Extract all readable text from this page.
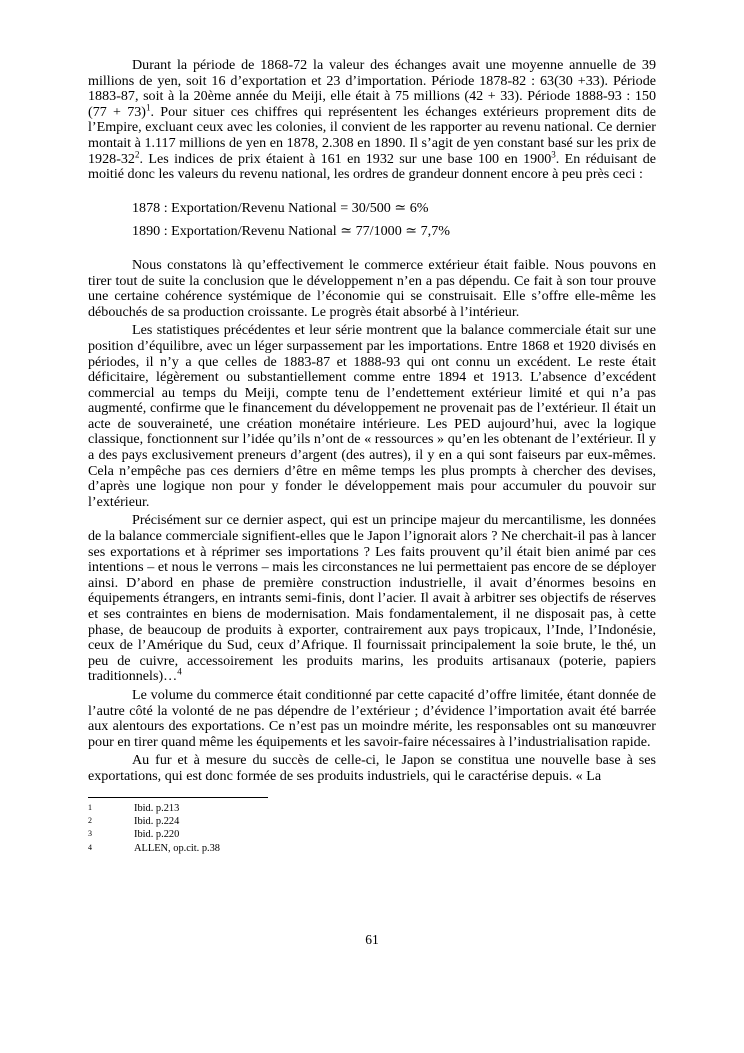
Durant la période de 1868-72 la valeur des échanges avait une moyenne annuelle de 39 millions de yen, soit 16 d’exportation et 23 d’importation. Période 1878-82 : 63(30 +33). Période 1883-87, soit à la 20ème année du Meiji, elle était à 75 millions (42 + 33). Période 1888-93 : 150 $(77 + 73)^1$. Pour situer ces chiffres qui représentent les échanges extérieurs proprement dits de l’Empire, excluant ceux avec les colonies, il convient de les rapporter au revenu national. Ce dernier montait à 1.117 millions de yen en 1878, 2.308 en 1890. Il s’agit de yen constant basé sur les prix de $1928-32^2$. Les indices de prix étaient à 161 en 1932 sur une base 100 en 1900$^3$. En réduisant de moitié donc les valeurs du revenu national, les ordres de grandeur donnent encore à peu près ceci :

1878 : Exportation/Revenu National = 30/500 ≃ 6%
1890 : Exportation/Revenu National ≃ 77/1000 ≃ 7,7%

Nous constatons là qu’effectivement le commerce extérieur était faible. Nous pouvons en tirer tout de suite la conclusion que le développement n’en a pas dépendu. Ce fait à son tour prouve une certaine cohérence systémique de l’économie qui se construisait. Elle s’offre elle-même les débouchés de sa production croissante. Le progrès était absorbé à l’intérieur.

Les statistiques précédentes et leur série montrent que la balance commerciale était sur une position d’équilibre, avec un léger surpassement par les importations. Entre 1868 et 1920 divisés en périodes, il n’y a que celles de 1883-87 et 1888-93 qui ont connu un excédent. Le reste était déficitaire, légèrement ou substantiellement comme entre 1894 et 1913. L’absence d’excédent commercial au temps du Meiji, compte tenu de l’endettement extérieur limité et qui n’a pas augmenté, confirme que le financement du développement ne provenait pas de l’extérieur. Il était un acte de souveraineté, une création monétaire intérieure. Les PED aujourd’hui, avec la logique classique, fonctionnent sur l’idée qu’ils n’ont de « ressources » qu’en les obtenant de l’extérieur. Il y a des pays exclusivement preneurs d’argent (des autres), il y en a qui sont faiseurs par eux-mêmes. Cela n’empêche pas ces derniers d’être en même temps les plus prompts à chercher des devises, d’après une logique non pour y fonder le développement mais pour accumuler du pouvoir sur l’extérieur.

Précisément sur ce dernier aspect, qui est un principe majeur du mercantilisme, les données de la balance commerciale signifient-elles que le Japon l’ignorait alors ? Ne cherchait-il pas à lancer ses exportations et à réprimer ses importations ? Les faits prouvent qu’il était bien animé par ces intentions – et nous le verrons – mais les circonstances ne lui permettaient pas encore de se déployer ainsi. D’abord en phase de première construction industrielle, il avait d’énormes besoins en équipements étrangers, en intrants semi-finis, dont l’acier. Il avait à arbitrer ses objectifs de réserves et ses contraintes en biens de modernisation. Mais fondamentalement, il ne disposait pas, à cette phase, de beaucoup de produits à exporter, contrairement aux pays tropicaux, l’Inde, l’Indonésie, ceux de l’Amérique du Sud, ceux d’Afrique. Il fournissait principalement la soie brute, le thé, un peu de cuivre, accessoirement les produits marins, les produits artisanaux (poterie, papiers traditionnels)…$^4$

Le volume du commerce était conditionné par cette capacité d’offre limitée, étant donnée de l’autre côté la volonté de ne pas dépendre de l’extérieur ; d’évidence l’importation avait été barrée aux alentours des exportations. Ce n’est pas un moindre mérite, les responsables ont su manœuvrer pour en tirer quand même les équipements et les savoir-faire nécessaires à l’industrialisation rapide.

Au fur et à mesure du succès de celle-ci, le Japon se constitua une nouvelle base à ses exportations, qui est donc formée de ses produits industriels, qui le caractérise depuis. « La

1	Ibid. p.213
2	Ibid. p.224
3	Ibid. p.220
4	ALLEN, op.cit. p.38
61
